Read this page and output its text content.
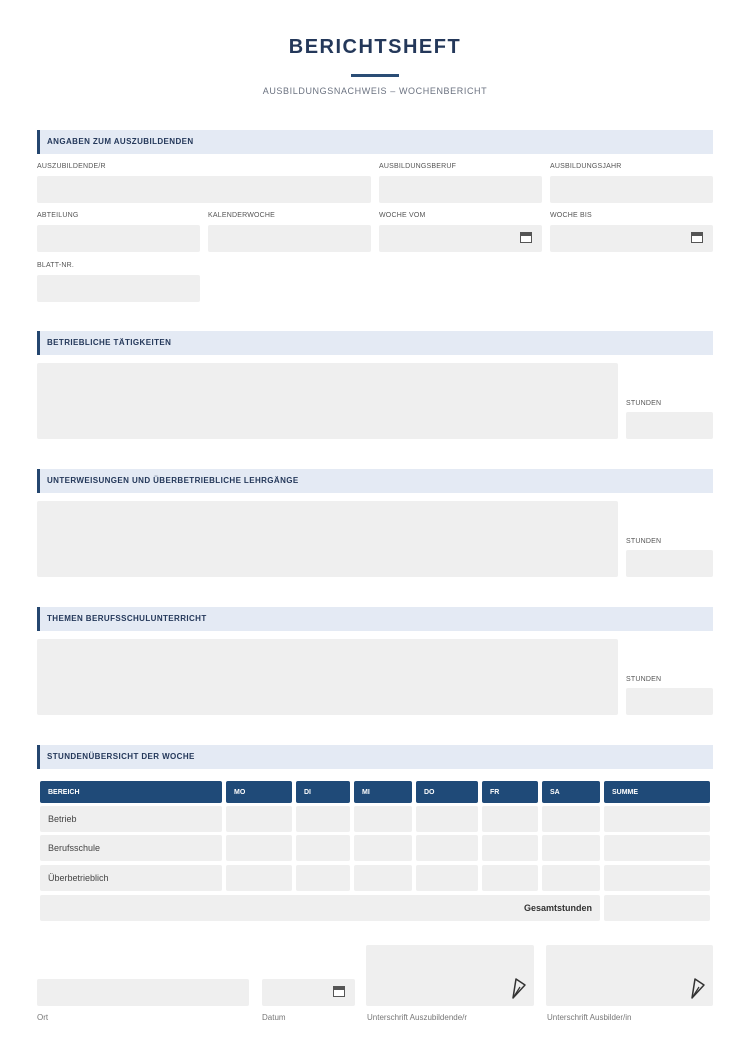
BERICHTSHEFT
AUSBILDUNGSNACHWEIS – WOCHENBERICHT
ANGABEN ZUM AUSZUBILDENDEN
AUSZUBILDENDE/R	AUSBILDUNGSBERUF	AUSBILDUNGSJAHR
ABTEILUNG	KALENDERWOCHE	WOCHE VOM	WOCHE BIS
BLATT-NR.
BETRIEBLICHE TÄTIGKEITEN
STUNDEN
UNTERWEISUNGEN UND ÜBERBETRIEBLICHE LEHRGÄNGE
STUNDEN
THEMEN BERUFSSCHULUNTERRICHT
STUNDEN
STUNDENÜBERSICHT DER WOCHE
BEREICH	MO	DI	MI	DO	FR	SA	SUMME
Betrieb
Berufsschule
Überbetrieblich
Gesamtstunden
Ort	Datum	Unterschrift Auszubildende/r	Unterschrift Ausbilder/in
